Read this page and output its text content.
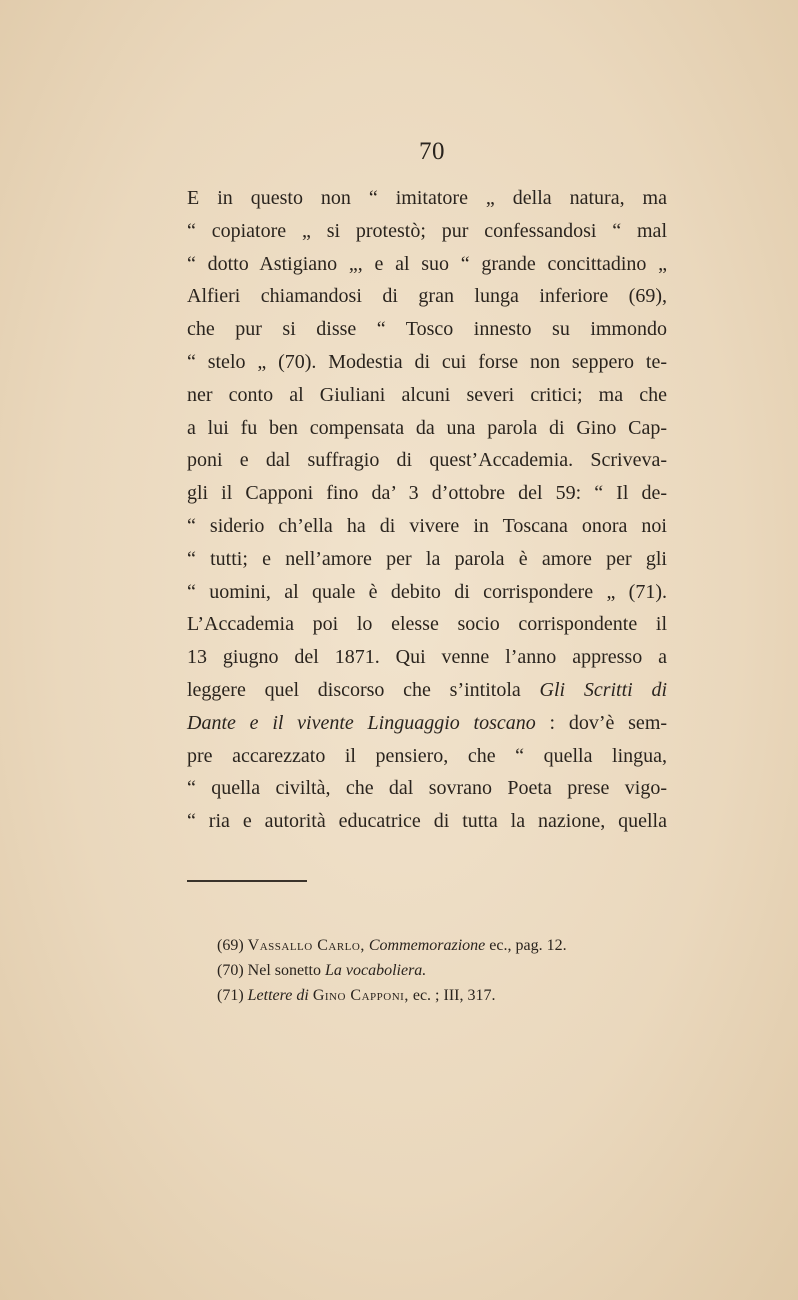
70
E in questo non “ imitatore „ della natura, ma
“ copiatore „ si protestò; pur confessandosi “ mal
“ dotto Astigiano „, e al suo “ grande concittadino „
Alfieri chiamandosi di gran lunga inferiore (69),
che pur si disse “ Tosco innesto su immondo
“ stelo „ (70). Modestia di cui forse non seppero te-
ner conto al Giuliani alcuni severi critici; ma che
a lui fu ben compensata da una parola di Gino Cap-
poni e dal suffragio di quest’Accademia. Scriveva-
gli il Capponi fino da’ 3 d’ottobre del 59: “ Il de-
“ siderio ch’ella ha di vivere in Toscana onora noi
“ tutti; e nell’amore per la parola è amore per gli
“ uomini, al quale è debito di corrispondere „ (71).
L’Accademia poi lo elesse socio corrispondente il
13 giugno del 1871. Qui venne l’anno appresso a
leggere quel discorso che s’intitola Gli Scritti di
Dante e il vivente Linguaggio toscano : dov’è sem-
pre accarezzato il pensiero, che “ quella lingua,
“ quella civiltà, che dal sovrano Poeta prese vigo-
“ ria e autorità educatrice di tutta la nazione, quella
(69) Vassallo Carlo, Commemorazione ec., pag. 12.
(70) Nel sonetto La vocaboliera.
(71) Lettere di Gino Capponi, ec. ; III, 317.
